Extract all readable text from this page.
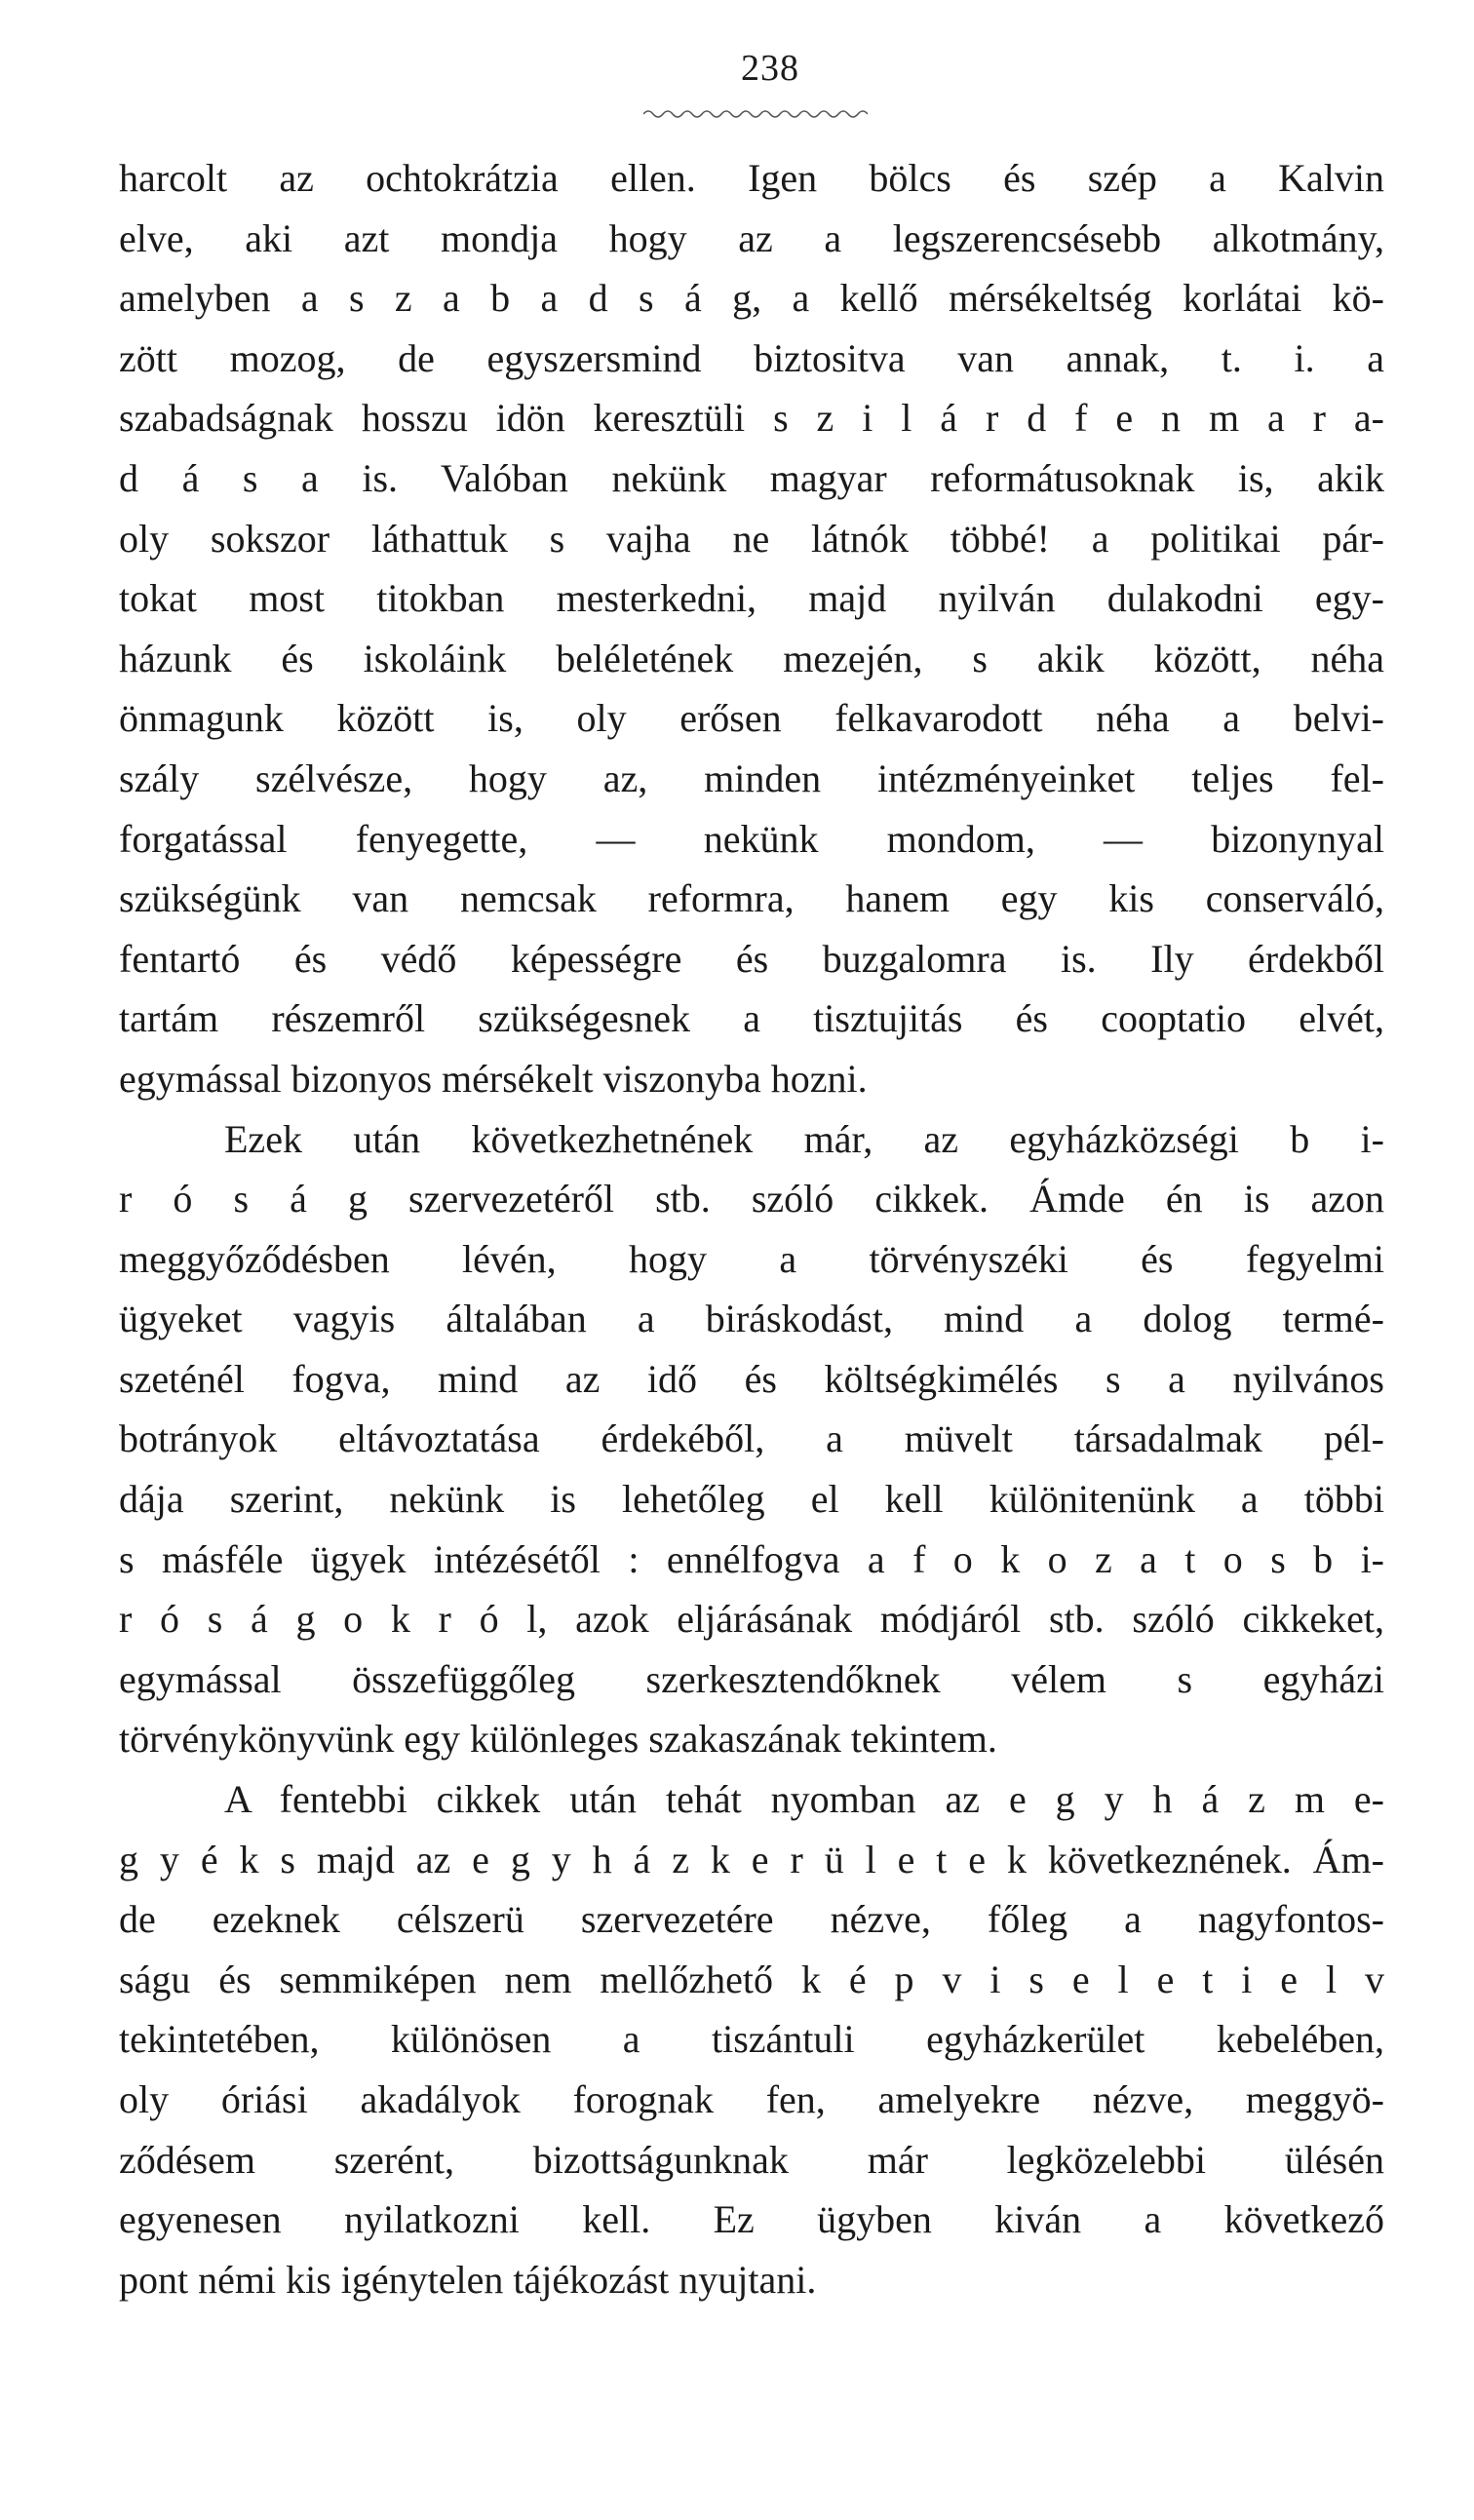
238
harcolt az ochtokrátzia ellen. Igen bölcs és szép a Kalvin
elve, aki azt mondja hogy az a legszerencsésebb alkotmány,
amelyben a s z a b a d s á g, a kellő mérsékeltség korlátai kö-
zött mozog, de egyszersmind biztositva van annak, t. i. a
szabadságnak hosszu idön keresztüli s z i l á r d f e n m a r a-
d á s a is. Valóban nekünk magyar reformátusoknak is, akik
oly sokszor láthattuk s vajha ne látnók többé! a politikai pár-
tokat most titokban mesterkedni, majd nyilván dulakodni egy-
házunk és iskoláink beléletének mezején, s akik között, néha
önmagunk között is, oly erősen felkavarodott néha a belvi-
szály szélvésze, hogy az, minden intézményeinket teljes fel-
forgatással fenyegette, — nekünk mondom, — bizonynyal
szükségünk van nemcsak reformra, hanem egy kis conserváló,
fentartó és védő képességre és buzgalomra is. Ily érdekből
tartám részemről szükségesnek a tisztujitás és cooptatio elvét,
egymással bizonyos mérsékelt viszonyba hozni.
Ezek után következhetnének már, az egyházközségi b i-
r ó s á g szervezetéről stb. szóló cikkek. Ámde én is azon
meggyőződésben lévén, hogy a törvényszéki és fegyelmi
ügyeket vagyis általában a biráskodást, mind a dolog termé-
szeténél fogva, mind az idő és költségkimélés s a nyilvános
botrányok eltávoztatása érdekéből, a müvelt társadalmak pél-
dája szerint, nekünk is lehetőleg el kell különitenünk a többi
s másféle ügyek intézésétől : ennélfogva a f o k o z a t o s b i-
r ó s á g o k r ó l, azok eljárásának módjáról stb. szóló cikkeket,
egymással összefüggőleg szerkesztendőknek vélem s egyházi
törvénykönyvünk egy különleges szakaszának tekintem.
A fentebbi cikkek után tehát nyomban az e g y h á z m e-
g y é k s majd az e g y h á z k e r ü l e t e k következnének. Ám-
de ezeknek célszerü szervezetére nézve, főleg a nagyfontos-
ságu és semmiképen nem mellőzhető k é p v i s e l e t i e l v
tekintetében, különösen a tiszántuli egyházkerület kebelében,
oly óriási akadályok forognak fen, amelyekre nézve, meggyö-
ződésem szerént, bizottságunknak már legközelebbi ülésén
egyenesen nyilatkozni kell. Ez ügyben kiván a következő
pont némi kis igénytelen tájékozást nyujtani.
